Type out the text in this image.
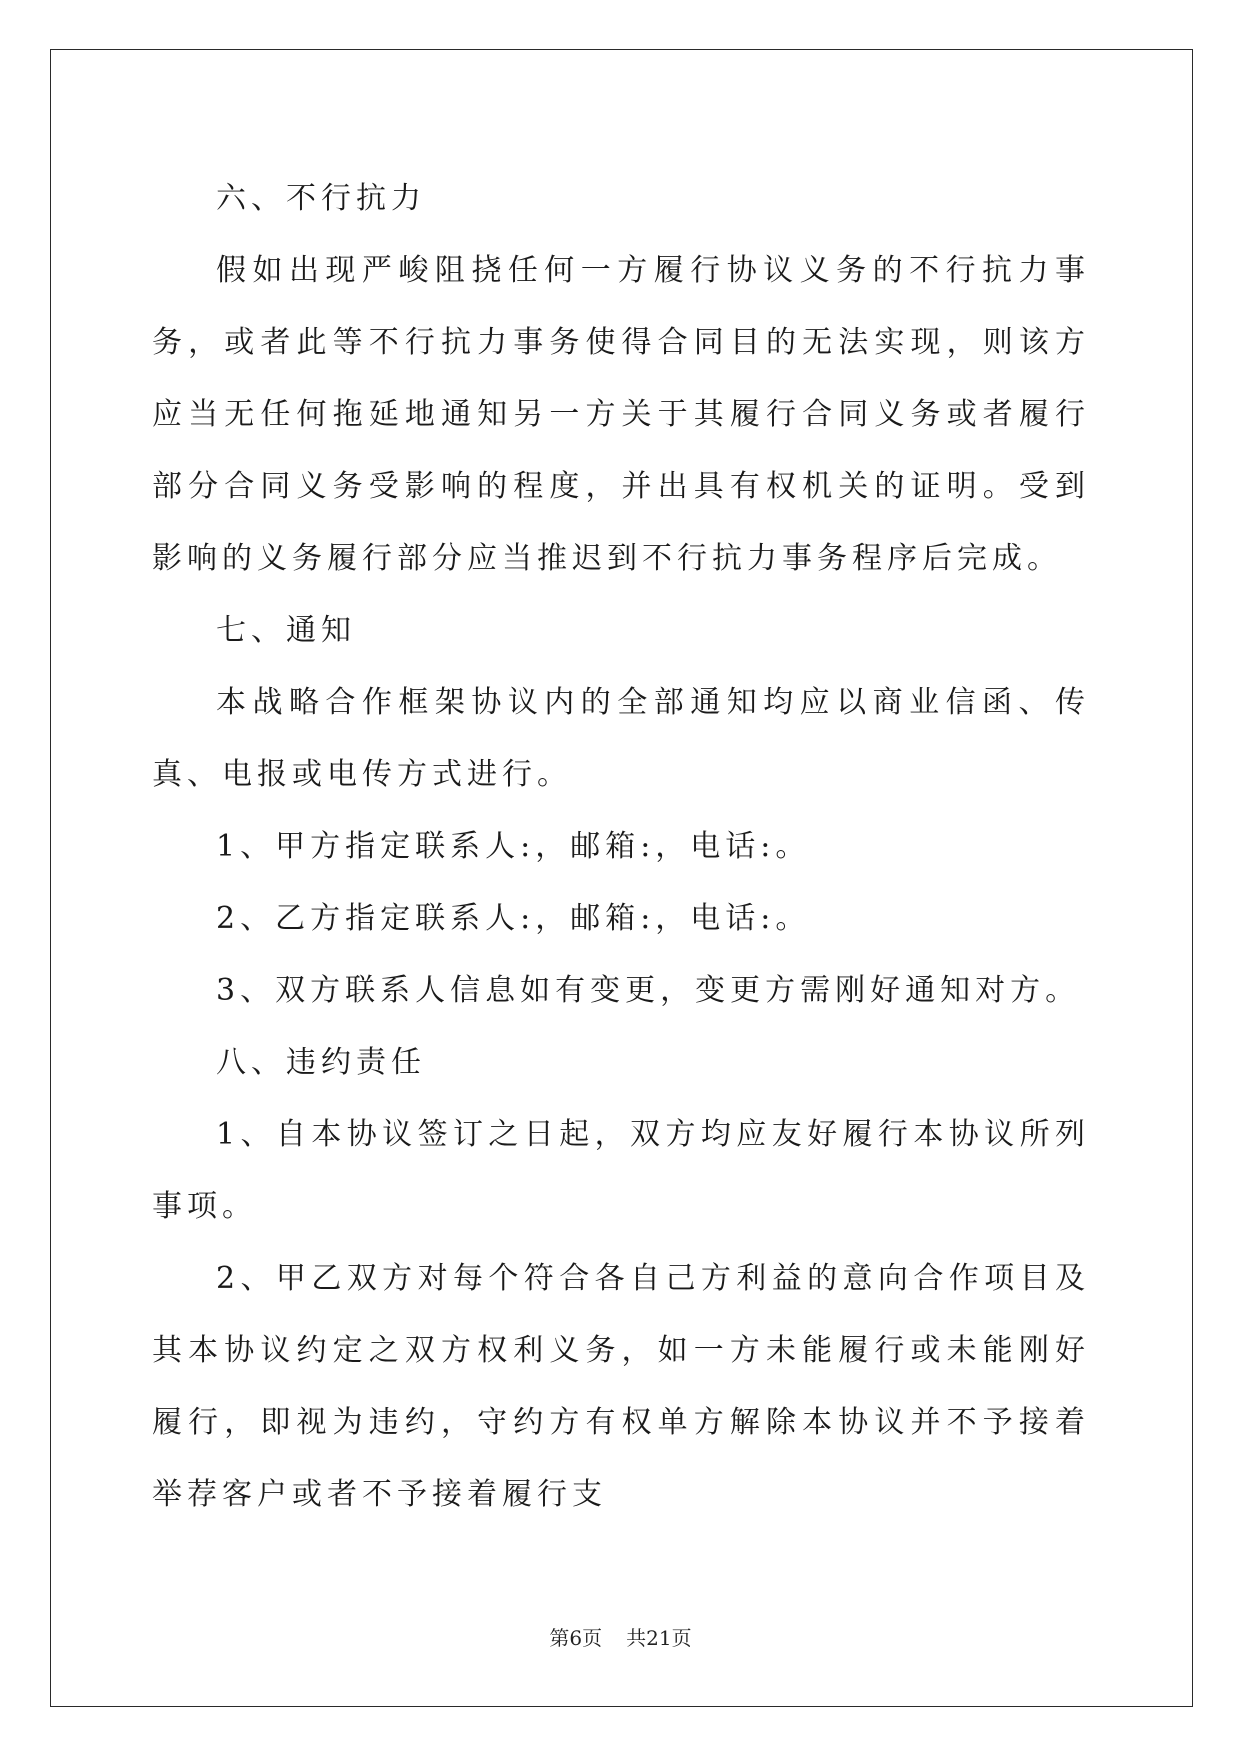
六、不行抗力

假如出现严峻阻挠任何一方履行协议义务的不行抗力事务，或者此等不行抗力事务使得合同目的无法实现，则该方应当无任何拖延地通知另一方关于其履行合同义务或者履行部分合同义务受影响的程度，并出具有权机关的证明。受到影响的义务履行部分应当推迟到不行抗力事务程序后完成。

七、通知

本战略合作框架协议内的全部通知均应以商业信函、传真、电报或电传方式进行。

1、甲方指定联系人:，邮箱:，电话:。

2、乙方指定联系人:，邮箱:，电话:。

3、双方联系人信息如有变更，变更方需刚好通知对方。

八、违约责任

1、自本协议签订之日起，双方均应友好履行本协议所列事项。

2、甲乙双方对每个符合各自己方利益的意向合作项目及其本协议约定之双方权利义务，如一方未能履行或未能刚好履行，即视为违约，守约方有权单方解除本协议并不予接着举荐客户或者不予接着履行支

第6页 共21页
